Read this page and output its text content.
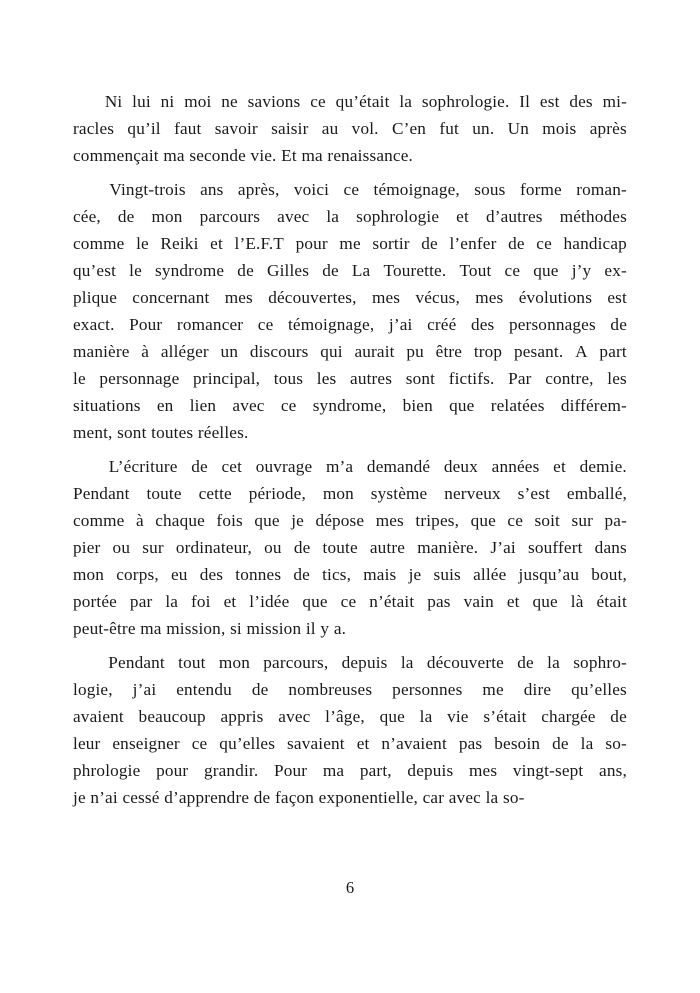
Ni lui ni moi ne savions ce qu’était la sophrologie. Il est des mi-
racles qu’il faut savoir saisir au vol. C’en fut un. Un mois après
commençait ma seconde vie. Et ma renaissance.
Vingt-trois ans après, voici ce témoignage, sous forme roman-
cée, de mon parcours avec la sophrologie et d’autres méthodes
comme le Reiki et l’E.F.T pour me sortir de l’enfer de ce handicap
qu’est le syndrome de Gilles de La Tourette. Tout ce que j’y ex-
plique concernant mes découvertes, mes vécus, mes évolutions est
exact. Pour romancer ce témoignage, j’ai créé des personnages de
manière à alléger un discours qui aurait pu être trop pesant. A part
le personnage principal, tous les autres sont fictifs. Par contre, les
situations en lien avec ce syndrome, bien que relatées différem-
ment, sont toutes réelles.
L’écriture de cet ouvrage m’a demandé deux années et demie.
Pendant toute cette période, mon système nerveux s’est emballé,
comme à chaque fois que je dépose mes tripes, que ce soit sur pa-
pier ou sur ordinateur, ou de toute autre manière. J’ai souffert dans
mon corps, eu des tonnes de tics, mais je suis allée jusqu’au bout,
portée par la foi et l’idée que ce n’était pas vain et que là était
peut-être ma mission, si mission il y a.
Pendant tout mon parcours, depuis la découverte de la sophro-
logie, j’ai entendu de nombreuses personnes me dire qu’elles
avaient beaucoup appris avec l’âge, que la vie s’était chargée de
leur enseigner ce qu’elles savaient et n’avaient pas besoin de la so-
phrologie pour grandir. Pour ma part, depuis mes vingt-sept ans,
je n’ai cessé d’apprendre de façon exponentielle, car avec la so-
6
